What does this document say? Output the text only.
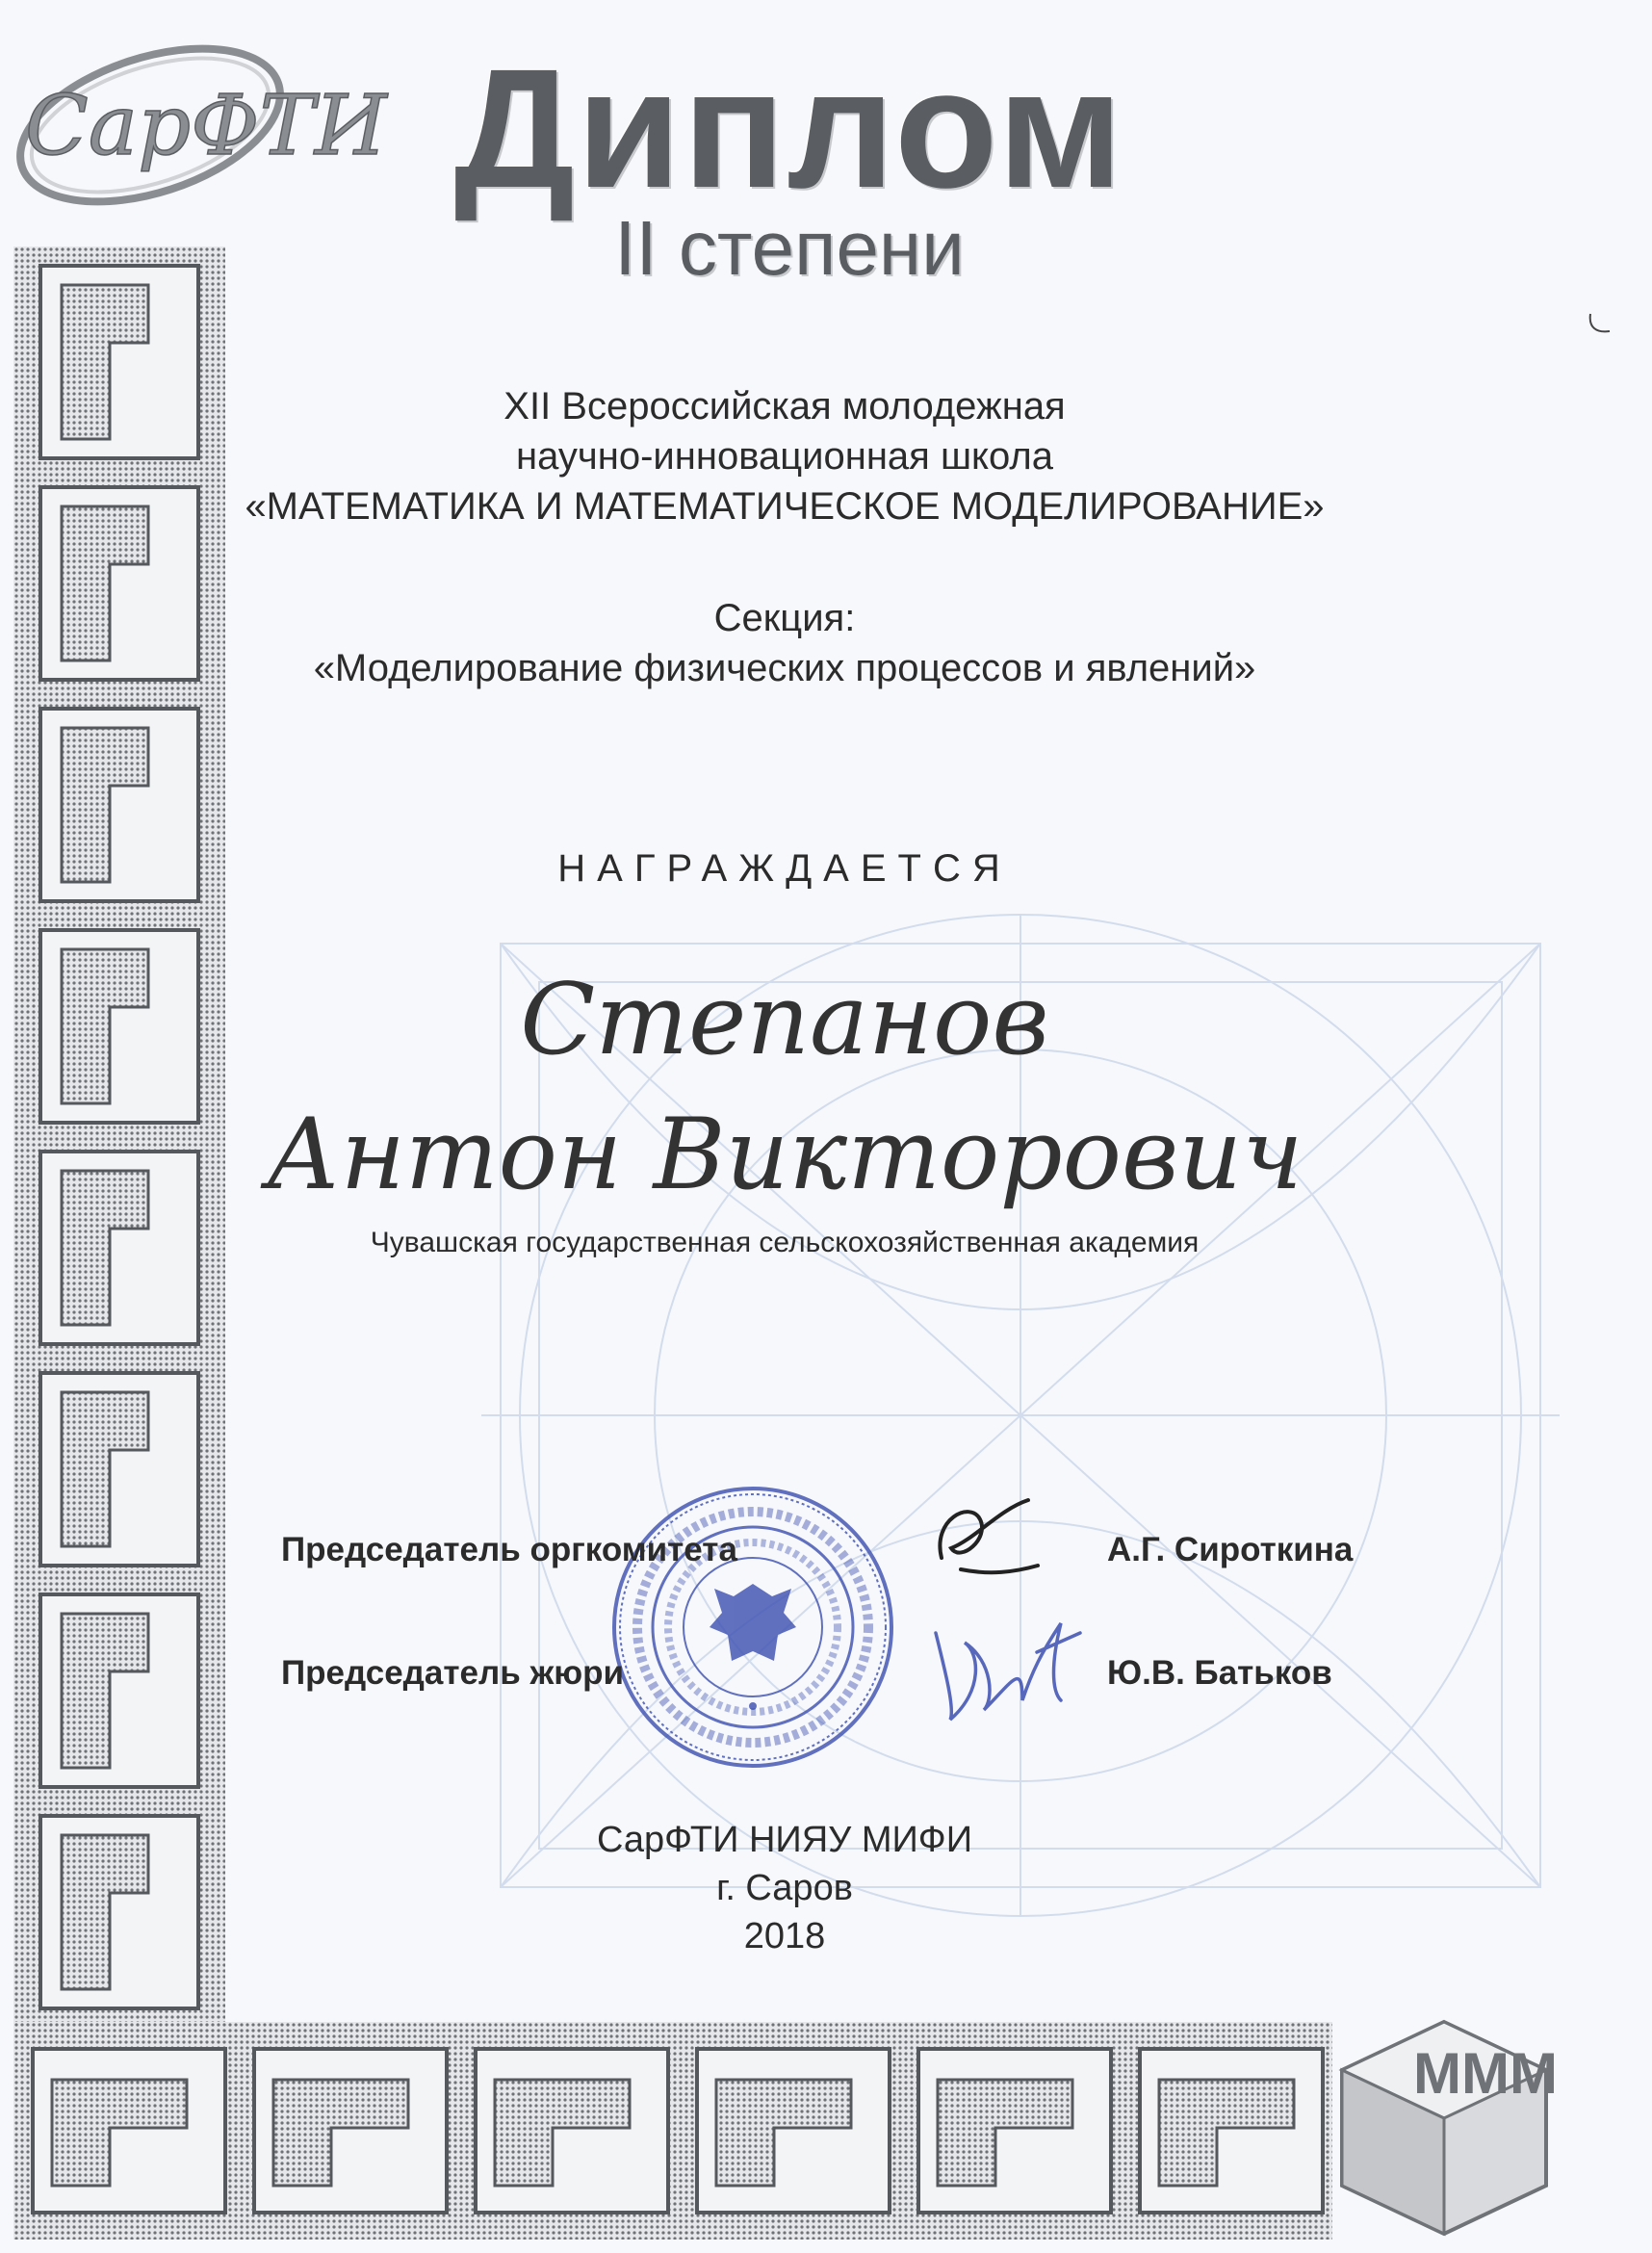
СарФТИ
МММ
Диплом
II степени
XII Всероссийская молодежная
научно-инновационная школа
«МАТЕМАТИКА И МАТЕМАТИЧЕСКОЕ МОДЕЛИРОВАНИЕ»
Секция:
«Моделирование физических процессов и явлений»
НАГРАЖДАЕТСЯ
Степанов
Антон Викторович
Чувашская государственная сельскохозяйственная академия
Председатель оргкомитета	А.Г. Сироткина
Председатель жюри	Ю.В. Батьков
СарФТИ НИЯУ МИФИ
г. Саров
2018
